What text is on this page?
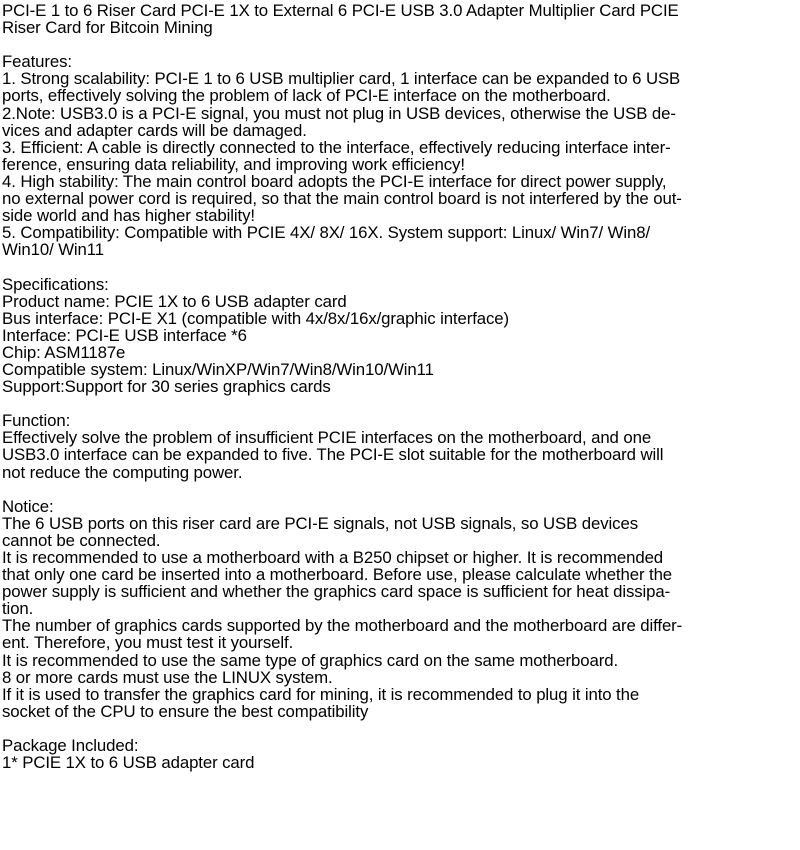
PCI-E 1 to 6 Riser Card PCI-E 1X to External 6 PCI-E USB 3.0 Adapter Multiplier Card PCIE
Riser Card for Bitcoin Mining
Features:
1. Strong scalability: PCI-E 1 to 6 USB multiplier card, 1 interface can be expanded to 6 USB
ports, effectively solving the problem of lack of PCI-E interface on the motherboard.
2.Note: USB3.0 is a PCI-E signal, you must not plug in USB devices, otherwise the USB de-
vices and adapter cards will be damaged.
3. Efficient: A cable is directly connected to the interface, effectively reducing interface inter-
ference, ensuring data reliability, and improving work efficiency!
4. High stability: The main control board adopts the PCI-E interface for direct power supply,
no external power cord is required, so that the main control board is not interfered by the out-
side world and has higher stability!
5. Compatibility: Compatible with PCIE 4X/ 8X/ 16X. System support: Linux/ Win7/ Win8/
Win10/ Win11
Specifications:
Product name: PCIE 1X to 6 USB adapter card
Bus interface: PCI-E X1 (compatible with 4x/8x/16x/graphic interface)
Interface: PCI-E USB interface *6
Chip: ASM1187e
Compatible system: Linux/WinXP/Win7/Win8/Win10/Win11
Support:Support for 30 series graphics cards
Function:
Effectively solve the problem of insufficient PCIE interfaces on the motherboard, and one
USB3.0 interface can be expanded to five. The PCI-E slot suitable for the motherboard will
not reduce the computing power.
Notice:
The 6 USB ports on this riser card are PCI-E signals, not USB signals, so USB devices
cannot be connected.
It is recommended to use a motherboard with a B250 chipset or higher. It is recommended
that only one card be inserted into a motherboard. Before use, please calculate whether the
power supply is sufficient and whether the graphics card space is sufficient for heat dissipa-
tion.
The number of graphics cards supported by the motherboard and the motherboard are differ-
ent. Therefore, you must test it yourself.
It is recommended to use the same type of graphics card on the same motherboard.
8 or more cards must use the LINUX system.
If it is used to transfer the graphics card for mining, it is recommended to plug it into the
socket of the CPU to ensure the best compatibility
Package Included:
1* PCIE 1X to 6 USB adapter card
